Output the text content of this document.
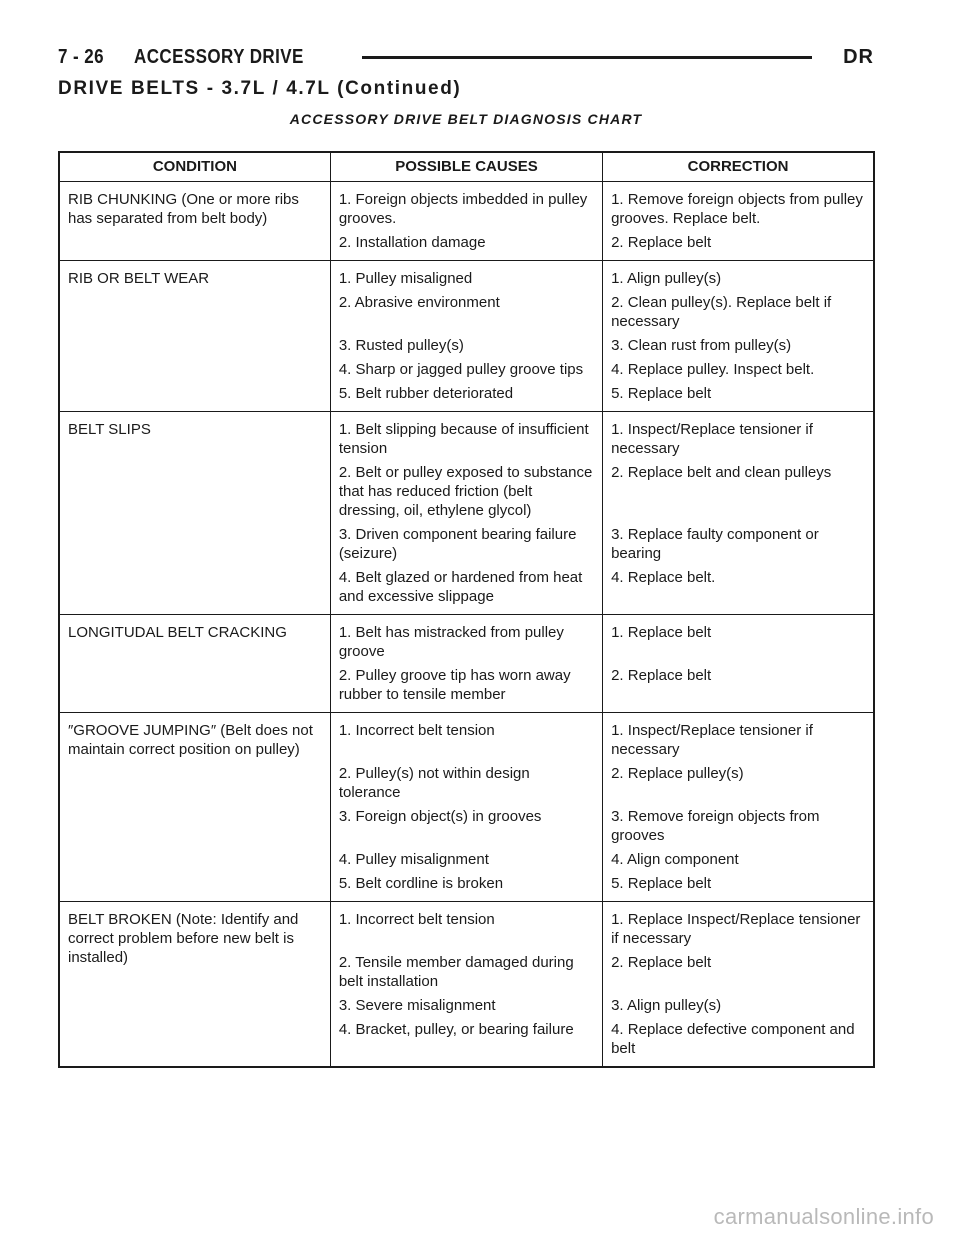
7 - 26 ACCESSORY DRIVE	DR
DRIVE BELTS - 3.7L / 4.7L (Continued)
ACCESSORY DRIVE BELT DIAGNOSIS CHART
CONDITION	POSSIBLE CAUSES	CORRECTION
RIB CHUNKING (One or more ribs has separated from belt body)	1. Foreign objects imbedded in pulley grooves.	1. Remove foreign objects from pulley grooves. Replace belt.
	2. Installation damage	2. Replace belt
RIB OR BELT WEAR	1. Pulley misaligned	1. Align pulley(s)
	2. Abrasive environment	2. Clean pulley(s). Replace belt if necessary
	3. Rusted pulley(s)	3. Clean rust from pulley(s)
	4. Sharp or jagged pulley groove tips	4. Replace pulley. Inspect belt.
	5. Belt rubber deteriorated	5. Replace belt
BELT SLIPS	1. Belt slipping because of insufficient tension	1. Inspect/Replace tensioner if necessary
	2. Belt or pulley exposed to substance that has reduced friction (belt dressing, oil, ethylene glycol)	2. Replace belt and clean pulleys
	3. Driven component bearing failure (seizure)	3. Replace faulty component or bearing
	4. Belt glazed or hardened from heat and excessive slippage	4. Replace belt.
LONGITUDAL BELT CRACKING	1. Belt has mistracked from pulley groove	1. Replace belt
	2. Pulley groove tip has worn away rubber to tensile member	2. Replace belt
″GROOVE JUMPING″ (Belt does not maintain correct position on pulley)	1. Incorrect belt tension	1. Inspect/Replace tensioner if necessary
	2. Pulley(s) not within design tolerance	2. Replace pulley(s)
	3. Foreign object(s) in grooves	3. Remove foreign objects from grooves
	4. Pulley misalignment	4. Align component
	5. Belt cordline is broken	5. Replace belt
BELT BROKEN (Note: Identify and correct problem before new belt is installed)	1. Incorrect belt tension	1. Replace Inspect/Replace tensioner if necessary
	2. Tensile member damaged during belt installation	2. Replace belt
	3. Severe misalignment	3. Align pulley(s)
	4. Bracket, pulley, or bearing failure	4. Replace defective component and belt
carmanualsonline.info
